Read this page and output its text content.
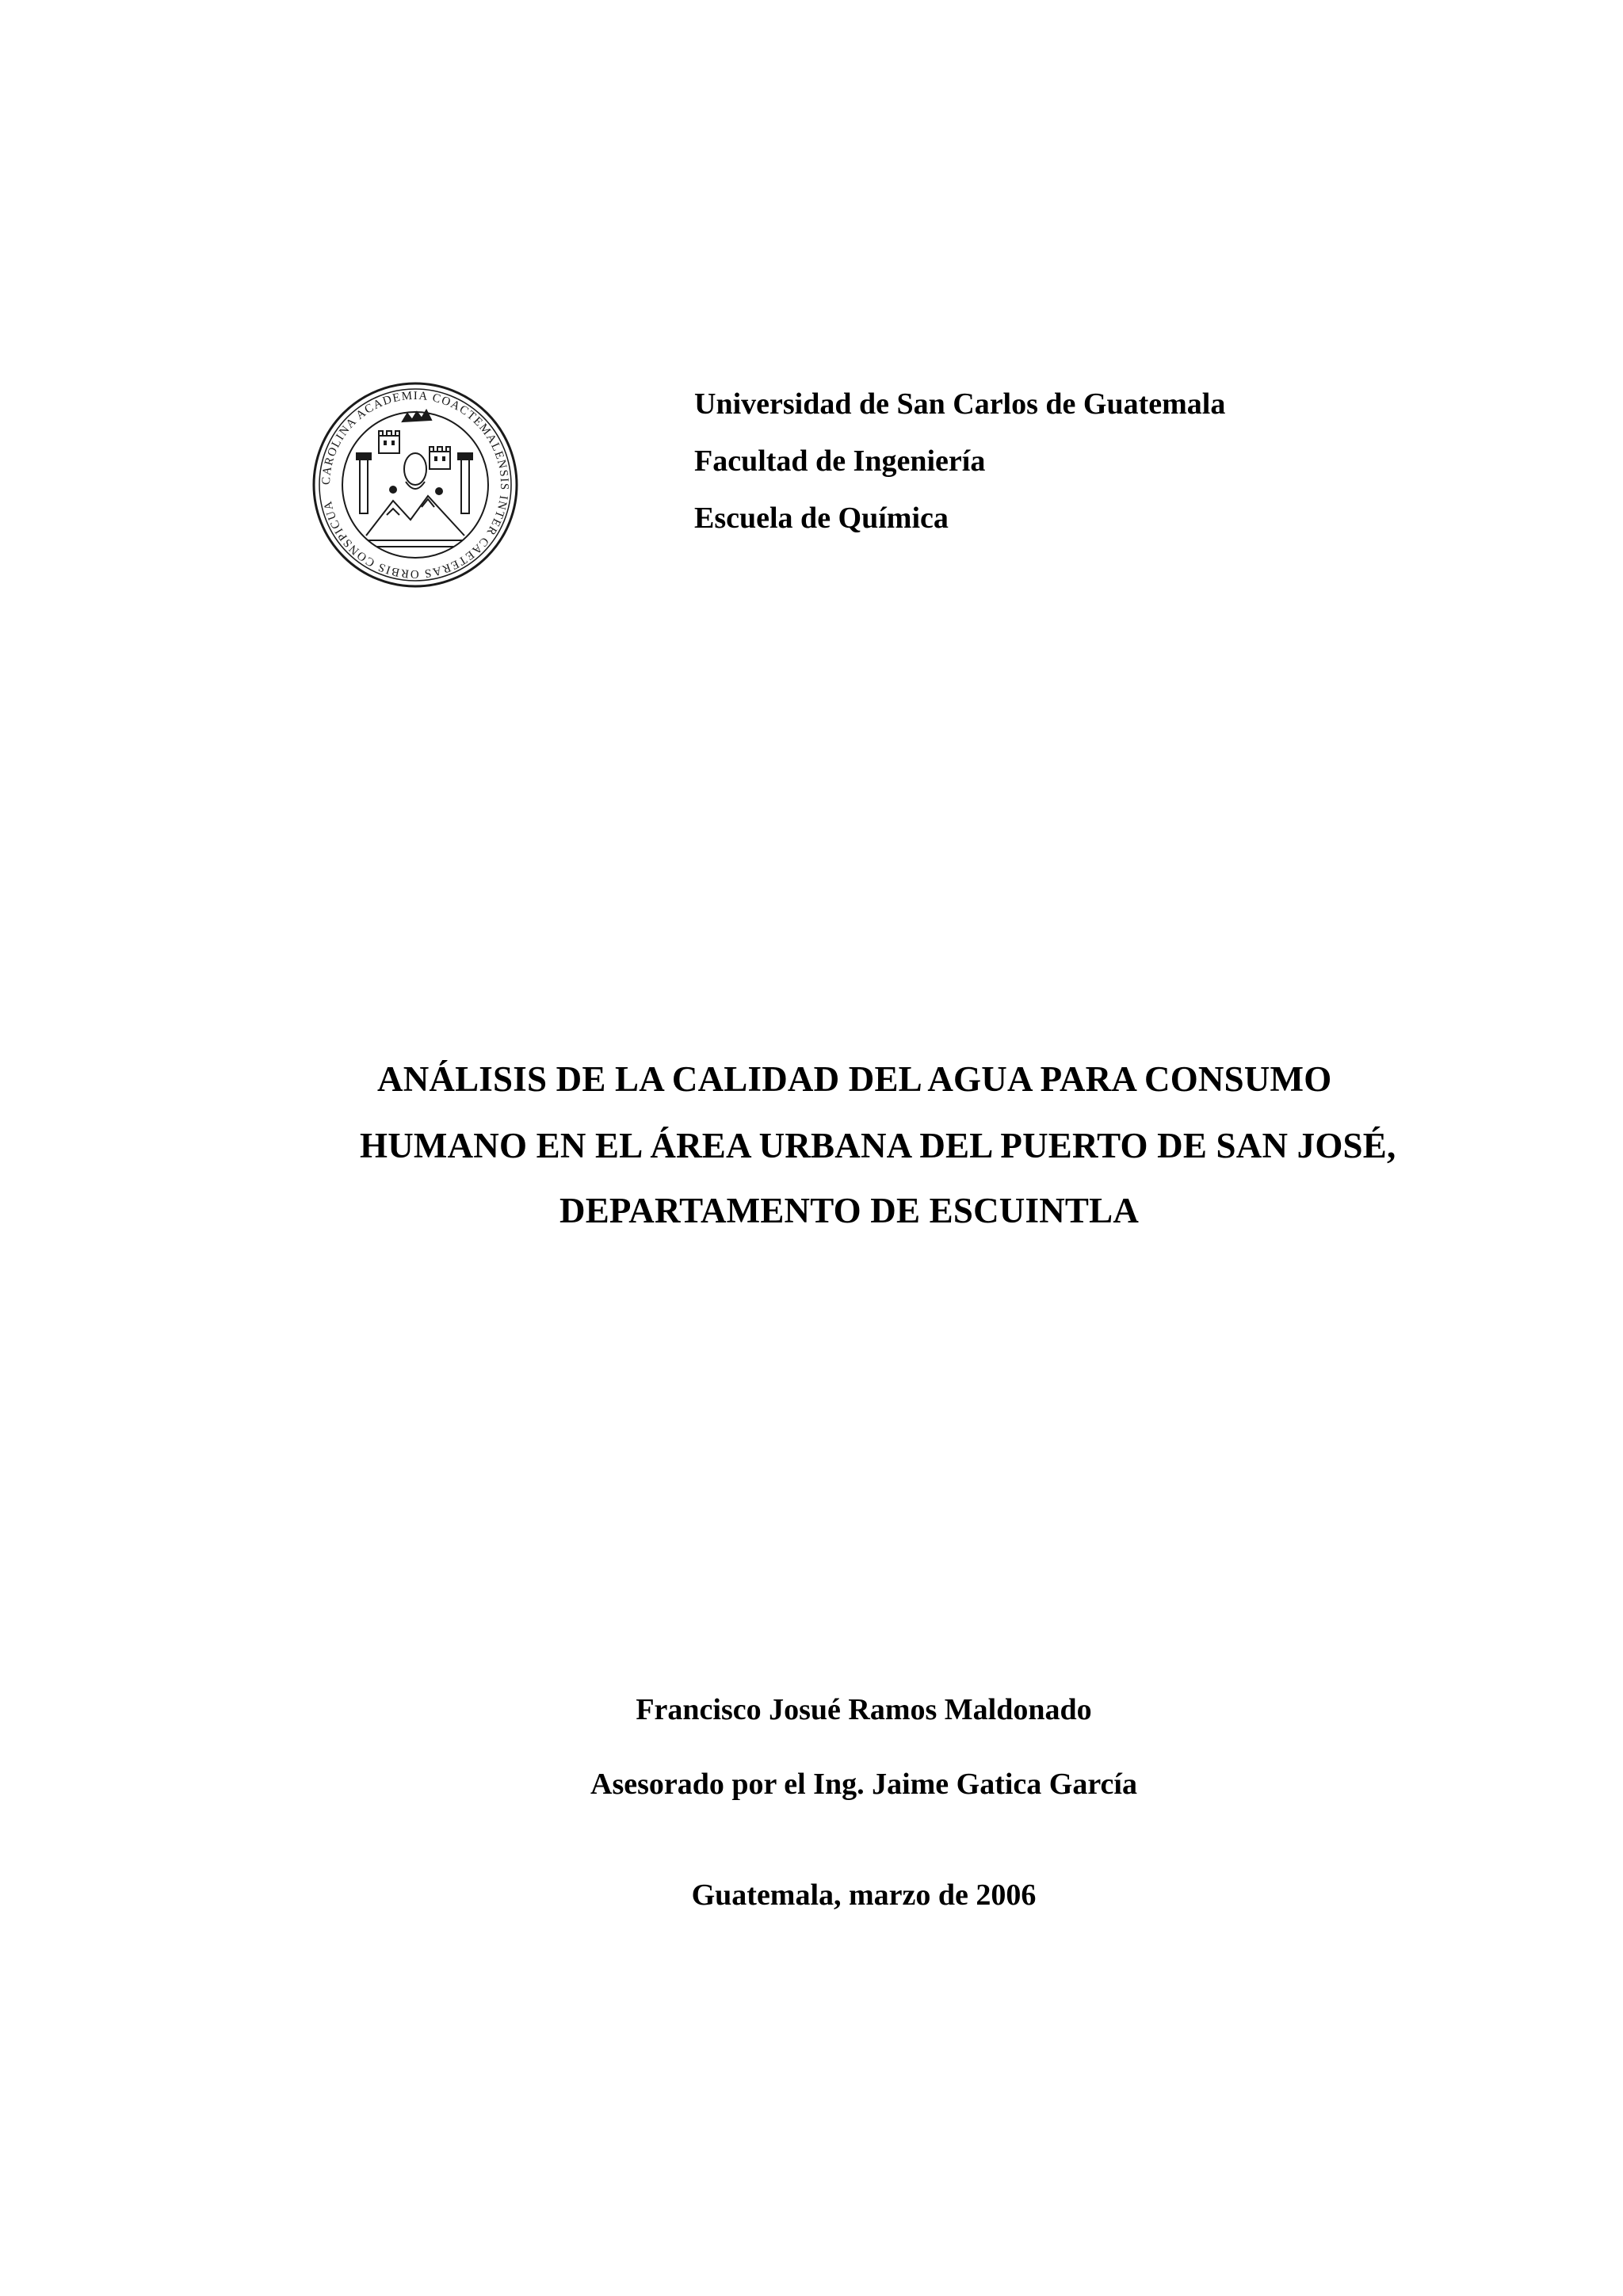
CAROLINA ACADEMIA COACTEMALENSIS INTER CAETERAS ORBIS CONSPICUA
Universidad de San Carlos de Guatemala
Facultad de Ingeniería
Escuela de Química
ANÁLISIS DE LA CALIDAD DEL AGUA PARA CONSUMO
HUMANO EN EL ÁREA URBANA DEL PUERTO DE SAN JOSÉ,
DEPARTAMENTO DE ESCUINTLA
Francisco Josué Ramos Maldonado
Asesorado por el Ing. Jaime Gatica García
Guatemala, marzo de 2006
